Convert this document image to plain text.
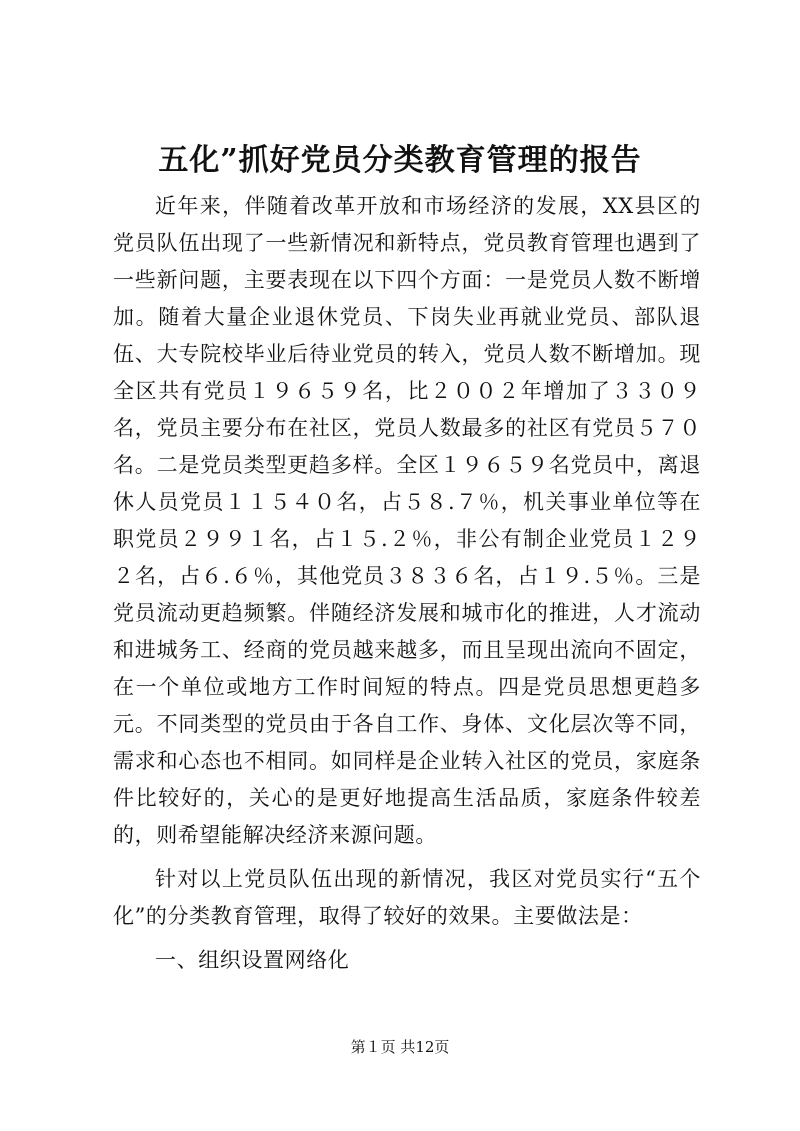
五化”抓好党员分类教育管理的报告

近年来，伴随着改革开放和市场经济的发展，XX县区的党员队伍出现了一些新情况和新特点，党员教育管理也遇到了一些新问题，主要表现在以下四个方面：一是党员人数不断增加。随着大量企业退休党员、下岗失业再就业党员、部队退伍、大专院校毕业后待业党员的转入，党员人数不断增加。现全区共有党员１９６５９名，比２００２年增加了３３０９名，党员主要分布在社区，党员人数最多的社区有党员５７０名。二是党员类型更趋多样。全区１９６５９名党员中，离退休人员党员１１５４０名，占５８.７％，机关事业单位等在职党员２９９１名，占１５.２％，非公有制企业党员１２９２名，占６.６％，其他党员３８３６名，占１９.５％。三是党员流动更趋频繁。伴随经济发展和城市化的推进，人才流动和进城务工、经商的党员越来越多，而且呈现出流向不固定，在一个单位或地方工作时间短的特点。四是党员思想更趋多元。不同类型的党员由于各自工作、身体、文化层次等不同，需求和心态也不相同。如同样是企业转入社区的党员，家庭条件比较好的，关心的是更好地提高生活品质，家庭条件较差的，则希望能解决经济来源问题。

针对以上党员队伍出现的新情况，我区对党员实行“五个化”的分类教育管理，取得了较好的效果。主要做法是：

一、组织设置网络化

第１页 共12页
